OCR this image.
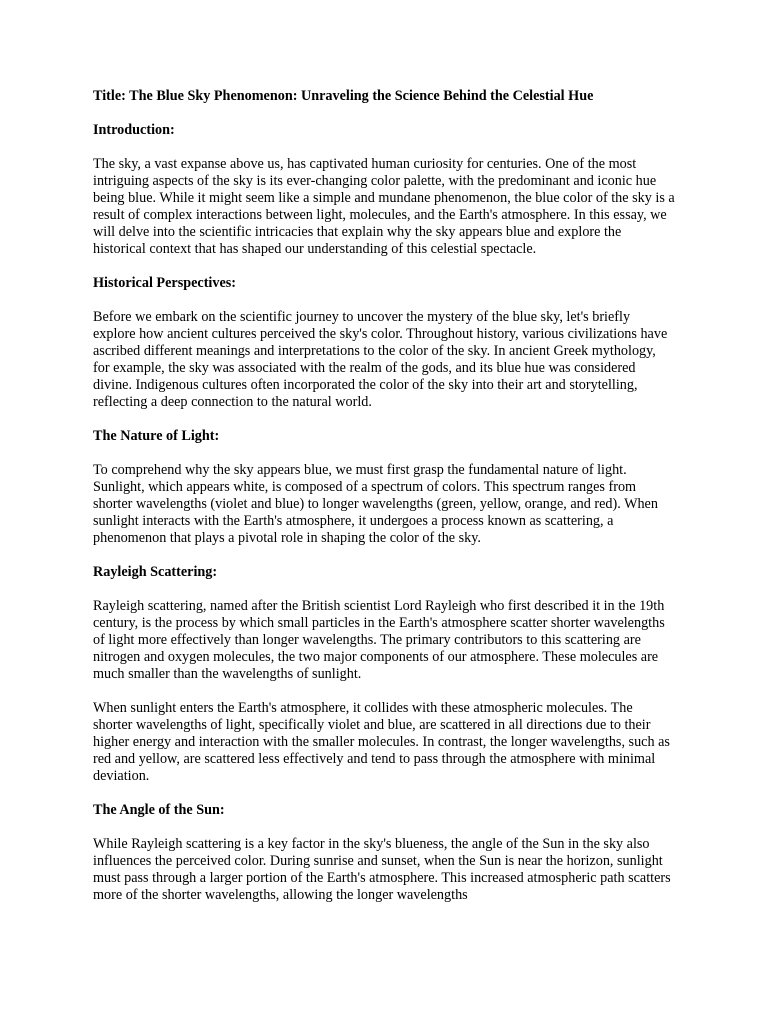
Title: The Blue Sky Phenomenon: Unraveling the Science Behind the Celestial Hue

Introduction:

The sky, a vast expanse above us, has captivated human curiosity for centuries. One of the most intriguing aspects of the sky is its ever-changing color palette, with the predominant and iconic hue being blue. While it might seem like a simple and mundane phenomenon, the blue color of the sky is a result of complex interactions between light, molecules, and the Earth's atmosphere. In this essay, we will delve into the scientific intricacies that explain why the sky appears blue and explore the historical context that has shaped our understanding of this celestial spectacle.

Historical Perspectives:

Before we embark on the scientific journey to uncover the mystery of the blue sky, let's briefly explore how ancient cultures perceived the sky's color. Throughout history, various civilizations have ascribed different meanings and interpretations to the color of the sky. In ancient Greek mythology, for example, the sky was associated with the realm of the gods, and its blue hue was considered divine. Indigenous cultures often incorporated the color of the sky into their art and storytelling, reflecting a deep connection to the natural world.

The Nature of Light:

To comprehend why the sky appears blue, we must first grasp the fundamental nature of light. Sunlight, which appears white, is composed of a spectrum of colors. This spectrum ranges from shorter wavelengths (violet and blue) to longer wavelengths (green, yellow, orange, and red). When sunlight interacts with the Earth's atmosphere, it undergoes a process known as scattering, a phenomenon that plays a pivotal role in shaping the color of the sky.

Rayleigh Scattering:

Rayleigh scattering, named after the British scientist Lord Rayleigh who first described it in the 19th century, is the process by which small particles in the Earth's atmosphere scatter shorter wavelengths of light more effectively than longer wavelengths. The primary contributors to this scattering are nitrogen and oxygen molecules, the two major components of our atmosphere. These molecules are much smaller than the wavelengths of sunlight.

When sunlight enters the Earth's atmosphere, it collides with these atmospheric molecules. The shorter wavelengths of light, specifically violet and blue, are scattered in all directions due to their higher energy and interaction with the smaller molecules. In contrast, the longer wavelengths, such as red and yellow, are scattered less effectively and tend to pass through the atmosphere with minimal deviation.

The Angle of the Sun:

While Rayleigh scattering is a key factor in the sky's blueness, the angle of the Sun in the sky also influences the perceived color. During sunrise and sunset, when the Sun is near the horizon, sunlight must pass through a larger portion of the Earth's atmosphere. This increased atmospheric path scatters more of the shorter wavelengths, allowing the longer wavelengths
